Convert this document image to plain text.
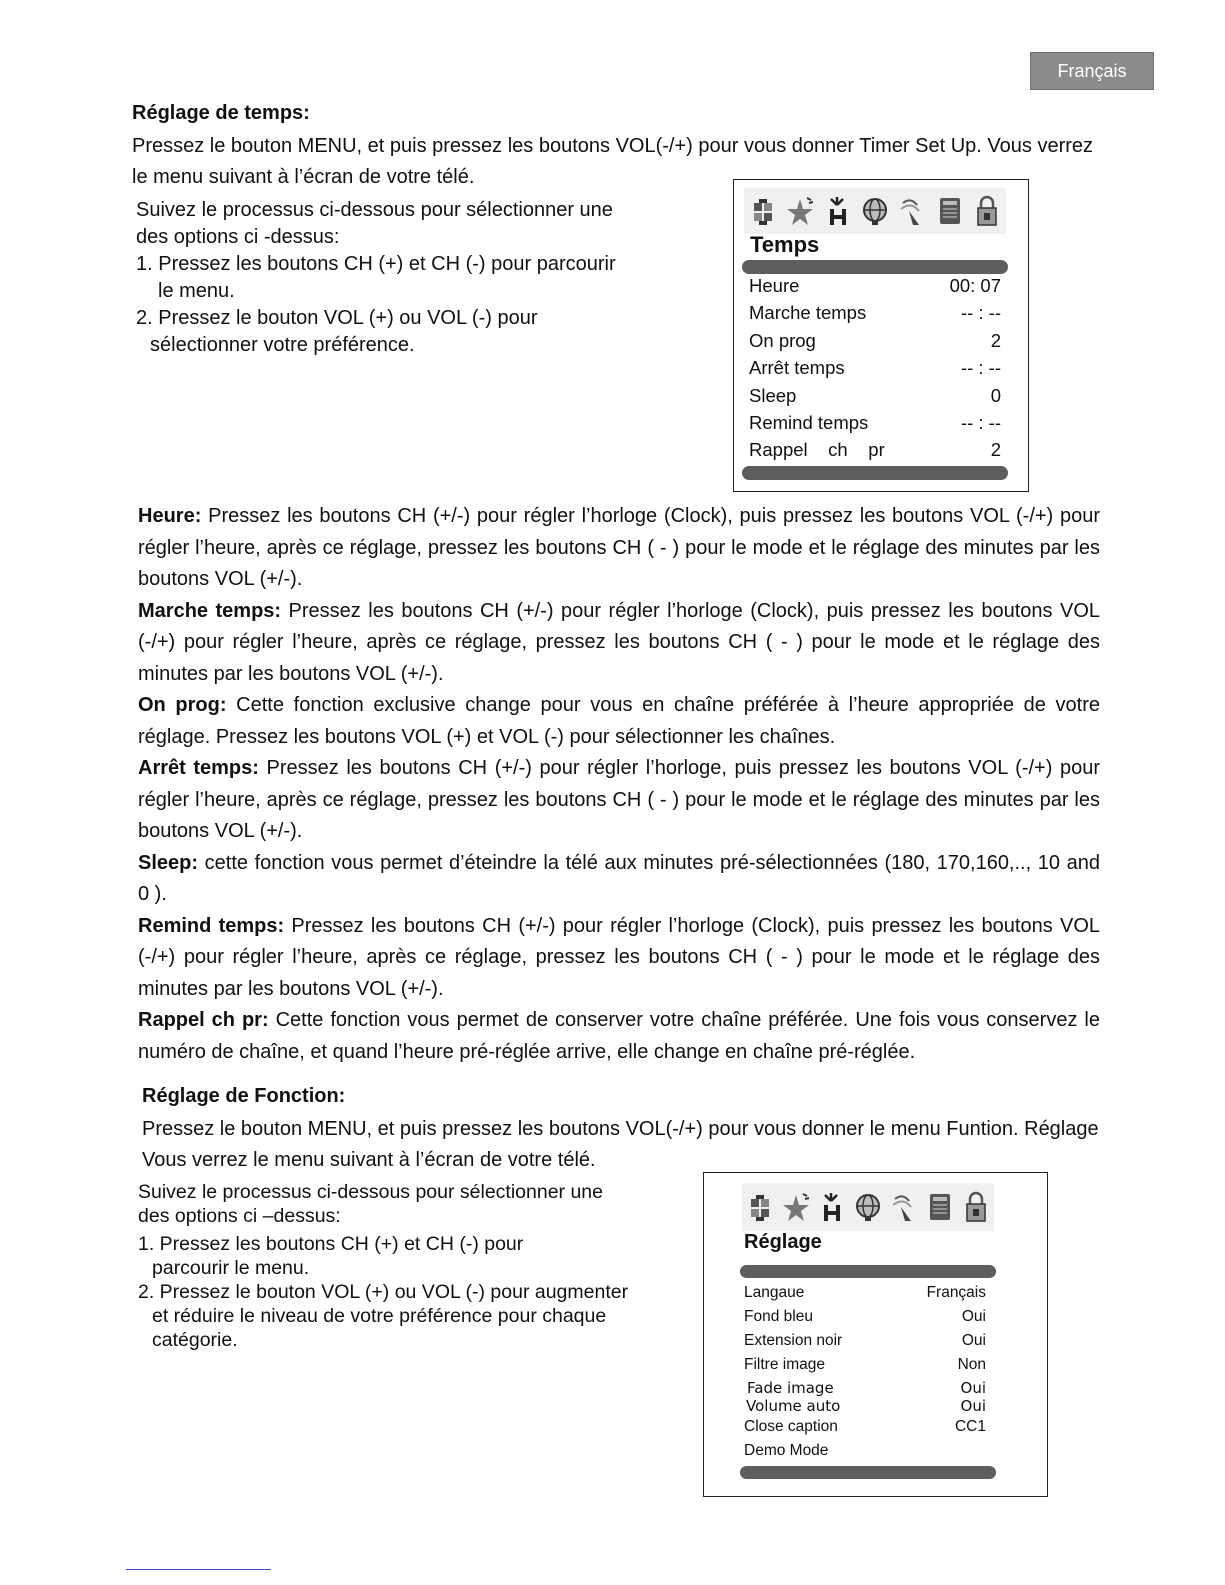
Français
Réglage de temps:
Pressez le bouton MENU, et puis pressez les boutons VOL(-/+) pour vous donner Timer Set Up. Vous verrez
le menu suivant à l’écran de votre télé.

Suivez le processus ci-dessous pour sélectionner une

des options ci -dessus:

1. Pressez les boutons CH (+) et CH (-) pour parcourir

le menu.

2. Pressez le bouton VOL (+) ou VOL (-) pour

sélectionner votre préférence.

Temps
Heure	00: 07
Marche temps	-- : --
On prog	2
Arrêt temps	-- : --
Sleep	0
Remind temps	-- : --
Rappel    ch    pr	2

Heure: Pressez les boutons CH (+/-) pour régler l’horloge (Clock), puis pressez les boutons VOL (-/+) pour régler l’heure, après ce réglage, pressez les boutons CH ( - ) pour le mode et le réglage des minutes par les boutons VOL (+/-).

Marche temps: Pressez les boutons CH (+/-) pour régler l’horloge (Clock), puis pressez les boutons VOL (-/+) pour régler l’heure, après ce réglage, pressez les boutons CH ( - ) pour le mode et le réglage des minutes par les boutons VOL (+/-).

On prog: Cette fonction exclusive change pour vous en chaîne préférée à l’heure appropriée de votre réglage. Pressez les boutons VOL (+) et VOL (-) pour sélectionner les chaînes.

Arrêt temps: Pressez les boutons CH (+/-) pour régler l’horloge, puis pressez les boutons VOL (-/+) pour régler l’heure, après ce réglage, pressez les boutons CH ( - ) pour le mode et le réglage des minutes par les boutons VOL (+/-).

Sleep: cette fonction vous permet d’éteindre la télé aux minutes pré-sélectionnées (180, 170,160,.., 10 and 0 ).

Remind temps: Pressez les boutons CH (+/-) pour régler l’horloge (Clock), puis pressez les boutons VOL (-/+) pour régler l’heure, après ce réglage, pressez les boutons CH ( - ) pour le mode et le réglage des minutes par les boutons VOL (+/-).

Rappel ch pr: Cette fonction vous permet de conserver votre chaîne préférée. Une fois vous conservez le numéro de chaîne, et quand l’heure pré-réglée arrive, elle change en chaîne pré-réglée.

Réglage de Fonction:
Pressez le bouton MENU, et puis pressez les boutons VOL(-/+) pour vous donner le menu Funtion. Réglage
Vous verrez le menu suivant à l’écran de votre télé.

Suivez le processus ci-dessous pour sélectionner une

des options ci –dessus:

1. Pressez les boutons CH (+) et CH (-) pour

parcourir le menu.

2. Pressez le bouton VOL (+) ou VOL (-) pour augmenter

et réduire le niveau de votre préférence pour chaque

catégorie.

Réglage
Langaue	Français
Fond bleu	Oui
Extension noir	Oui
Filtre image	Non
Fade image	Oui
Volume auto	Oui
Close caption	CC1
Demo Mode
